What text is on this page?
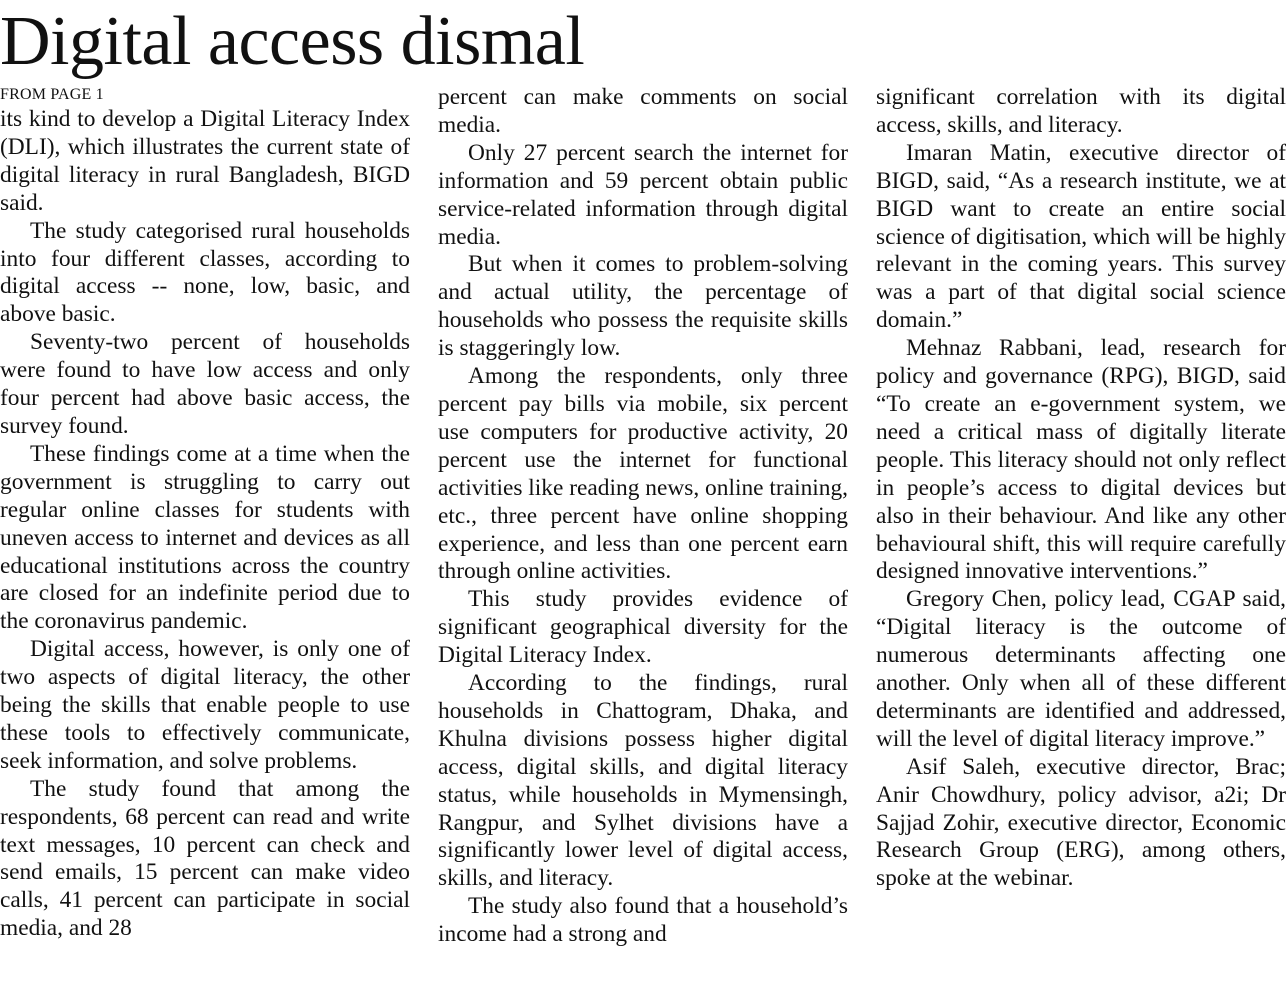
Digital access dismal
FROM PAGE 1

its kind to develop a Digital Literacy Index (DLI), which illustrates the current state of digital literacy in rural Bangladesh, BIGD said.

The study categorised rural households into four different classes, according to digital access -- none, low, basic, and above basic.

Seventy-two percent of households were found to have low access and only four percent had above basic access, the survey found.

These findings come at a time when the government is struggling to carry out regular online classes for students with uneven access to internet and devices as all educational institutions across the country are closed for an indefinite period due to the coronavirus pandemic.

Digital access, however, is only one of two aspects of digital literacy, the other being the skills that enable people to use these tools to effectively communicate, seek information, and solve problems.

The study found that among the respondents, 68 percent can read and write text messages, 10 percent can check and send emails, 15 percent can make video calls, 41 percent can participate in social media, and 28

percent can make comments on social media.

Only 27 percent search the internet for information and 59 percent obtain public service-related information through digital media.

But when it comes to problem-solving and actual utility, the percentage of households who possess the requisite skills is staggeringly low.

Among the respondents, only three percent pay bills via mobile, six percent use computers for productive activity, 20 percent use the internet for functional activities like reading news, online training, etc., three percent have online shopping experience, and less than one percent earn through online activities.

This study provides evidence of significant geographical diversity for the Digital Literacy Index.

According to the findings, rural households in Chattogram, Dhaka, and Khulna divisions possess higher digital access, digital skills, and digital literacy status, while households in Mymensingh, Rangpur, and Sylhet divisions have a significantly lower level of digital access, skills, and literacy.

The study also found that a household’s income had a strong and

significant correlation with its digital access, skills, and literacy.

Imaran Matin, executive director of BIGD, said, “As a research institute, we at BIGD want to create an entire social science of digitisation, which will be highly relevant in the coming years. This survey was a part of that digital social science domain.”

Mehnaz Rabbani, lead, research for policy and governance (RPG), BIGD, said “To create an e-government system, we need a critical mass of digitally literate people. This literacy should not only reflect in people’s access to digital devices but also in their behaviour. And like any other behavioural shift, this will require carefully designed innovative interventions.”

Gregory Chen, policy lead, CGAP said, “Digital literacy is the outcome of numerous determinants affecting one another. Only when all of these different determinants are identified and addressed, will the level of digital literacy improve.”

Asif Saleh, executive director, Brac; Anir Chowdhury, policy advisor, a2i; Dr Sajjad Zohir, executive director, Economic Research Group (ERG), among others, spoke at the webinar.
